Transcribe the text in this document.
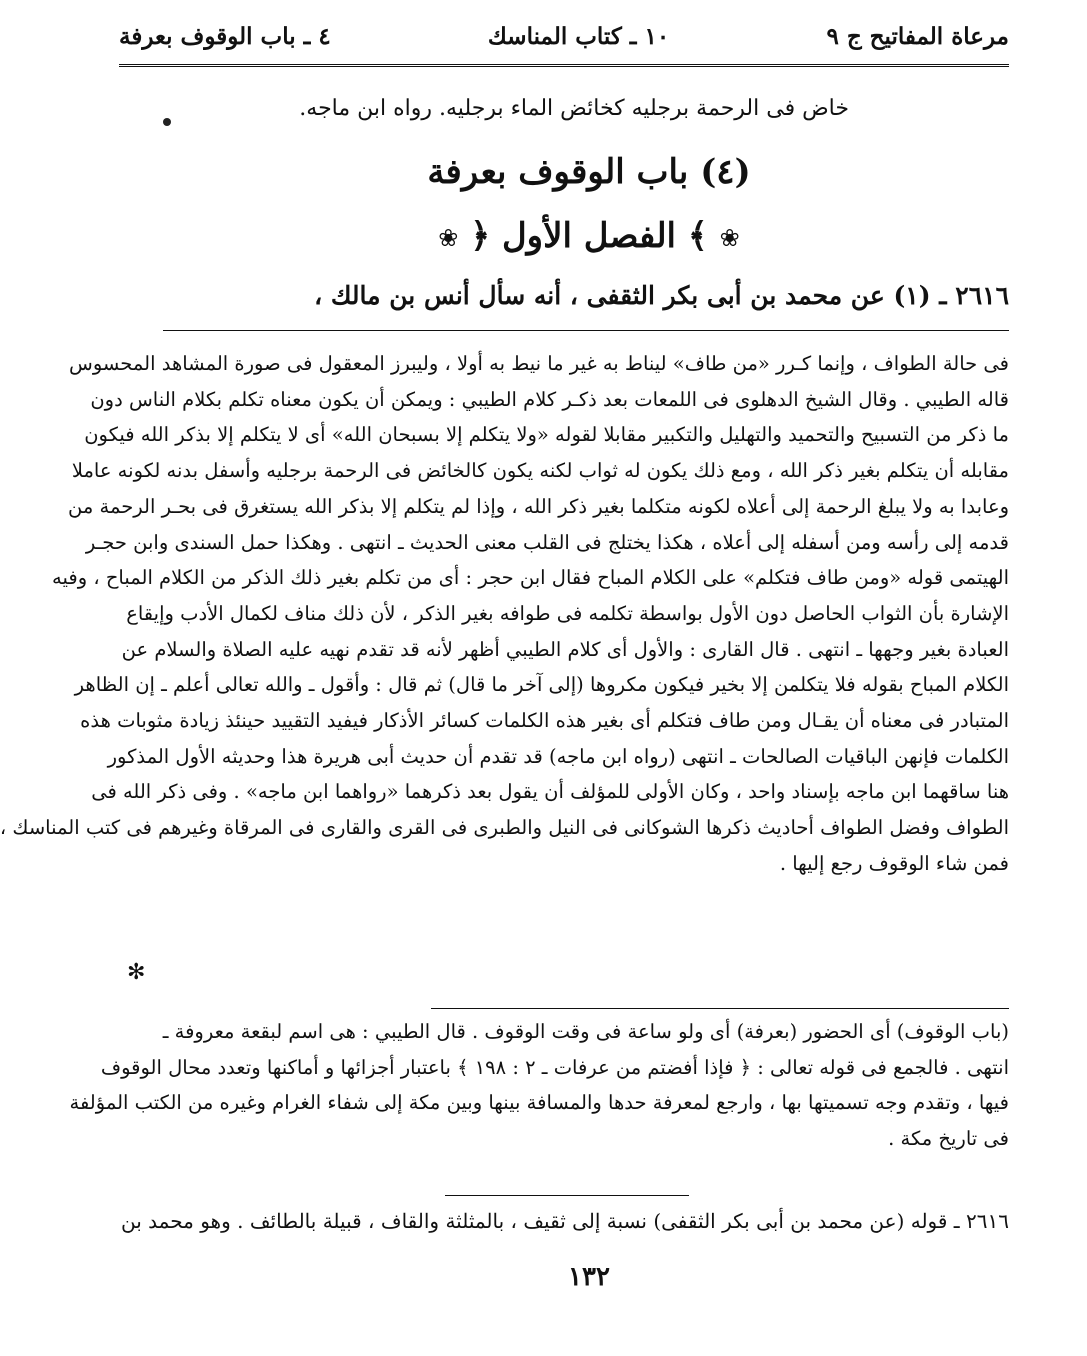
٤ ـ باب الوقوف بعرفة	١٠ ـ كتاب المناسك	مرعاة المفاتيح ج ٩
خاض فى الرحمة برجليه كخائض الماء برجليه. رواه ابن ماجه.
(٤) باب الوقوف بعرفة
❀ ﴾ الفصل الأول ﴿ ❀
٢٦١٦ ـ (١) عن محمد بن أبى بكر الثقفى ، أنه سأل أنس بن مالك ،
فى حالة الطواف ، وإنما كـرر «من طاف» ليناط به غير ما نيط به أولا ، وليبرز المعقول فى صورة المشاهد المحسوس
قاله الطيبي . وقال الشيخ الدهلوى فى اللمعات بعد ذكـر كلام الطيبي : ويمكن أن يكون معناه تكلم بكلام الناس دون
ما ذكر من التسبيح والتحميد والتهليل والتكبير مقابلا لقوله «ولا يتكلم إلا بسبحان الله» أى لا يتكلم إلا بذكر الله فيكون
مقابله أن يتكلم بغير ذكر الله ، ومع ذلك يكون له ثواب لكنه يكون كالخائض فى الرحمة برجليه وأسفل بدنه لكونه عاملا
وعابدا به ولا يبلغ الرحمة إلى أعلاه لكونه متكلما بغير ذكر الله ، وإذا لم يتكلم إلا بذكر الله يستغرق فى بحـر الرحمة من
قدمه إلى رأسه ومن أسفله إلى أعلاه ، هكذا يختلج فى القلب معنى الحديث ـ انتهى . وهكذا حمل السندى وابن حجـر
الهيتمى قوله «ومن طاف فتكلم» على الكلام المباح فقال ابن حجر : أى من تكلم بغير ذلك الذكر من الكلام المباح ، وفيه
الإشارة بأن الثواب الحاصل دون الأول بواسطة تكلمه فى طوافه بغير الذكر ، لأن ذلك مناف لكمال الأدب وإيقاع
العبادة بغير وجهها ـ انتهى . قال القارى : والأول أى كلام الطيبي أظهر لأنه قد تقدم نهيه عليه الصلاة والسلام عن
الكلام المباح بقوله فلا يتكلمن إلا بخير فيكون مكروها (إلى آخر ما قال) ثم قال : وأقول ـ والله تعالى أعلم ـ إن الظاهر
المتبادر فى معناه أن يقـال ومن طاف فتكلم أى بغير هذه الكلمات كسائر الأذكار فيفيد التقييد حينئذ زيادة مثوبات هذه
الكلمات فإنهن الباقيات الصالحات ـ انتهى (رواه ابن ماجه) قد تقدم أن حديث أبى هريرة هذا وحديثه الأول المذكور
هنا ساقهما ابن ماجه بإسناد واحد ، وكان الأولى للمؤلف أن يقول بعد ذكرهما «رواهما ابن ماجه» . وفى ذكر الله فى
الطواف وفضل الطواف أحاديث ذكرها الشوكانى فى النيل والطبرى فى القرى والقارى فى المرقاة وغيرهم فى كتب المناسك ،
فمن شاء الوقوف رجع إليها .
✻
(باب الوقوف) أى الحضور (بعرفة) أى ولو ساعة فى وقت الوقوف . قال الطيبي : هى اسم لبقعة معروفة ـ
انتهى . فالجمع فى قوله تعالى : ﴿ فإذا أفضتم من عرفات ـ ٢ : ١٩٨ ﴾ باعتبار أجزائها و أماكنها وتعدد محال الوقوف
فيها ، وتقدم وجه تسميتها بها ، وارجع لمعرفة حدها والمسافة بينها وبين مكة إلى شفاء الغرام وغيره من الكتب المؤلفة
فى تاريخ مكة .
٢٦١٦ ـ قوله (عن محمد بن أبى بكر الثقفى) نسبة إلى ثقيف ، بالمثلثة والقاف ، قبيلة بالطائف . وهو محمد بن
١٣٢
